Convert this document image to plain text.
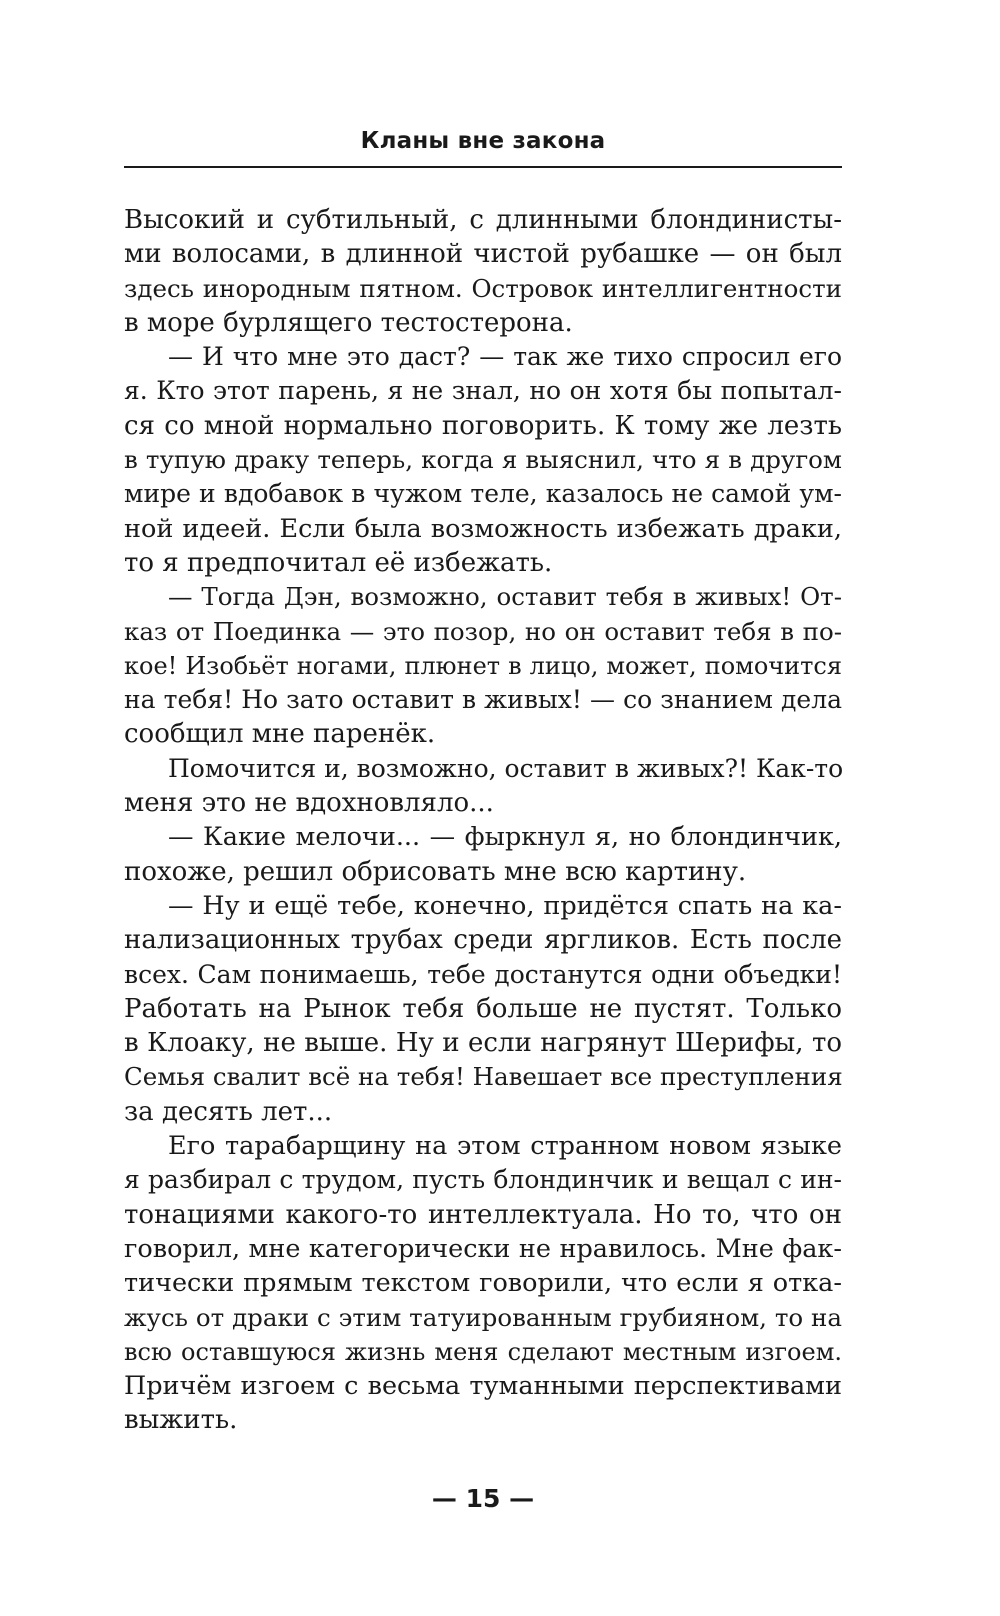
Кланы вне закона
Высокий и субтильный, с длинными блондинисты-
ми волосами, в длинной чистой рубашке — он был
здесь инородным пятном. Островок интеллигентности
в море бурлящего тестостерона.
— И что мне это даст? — так же тихо спросил его
я. Кто этот парень, я не знал, но он хотя бы попытал-
ся со мной нормально поговорить. К тому же лезть
в тупую драку теперь, когда я выяснил, что я в другом
мире и вдобавок в чужом теле, казалось не самой ум-
ной идеей. Если была возможность избежать драки,
то я предпочитал её избежать.
— Тогда Дэн, возможно, оставит тебя в живых! От-
каз от Поединка — это позор, но он оставит тебя в по-
кое! Изобьёт ногами, плюнет в лицо, может, помочится
на тебя! Но зато оставит в живых! — со знанием дела
сообщил мне паренёк.
Помочится и, возможно, оставит в живых?! Как-то
меня это не вдохновляло...
— Какие мелочи... — фыркнул я, но блондинчик,
похоже, решил обрисовать мне всю картину.
— Ну и ещё тебе, конечно, придётся спать на ка-
нализационных трубах среди яргликов. Есть после
всех. Сам понимаешь, тебе достанутся одни объедки!
Работать на Рынок тебя больше не пустят. Только
в Клоаку, не выше. Ну и если нагрянут Шерифы, то
Семья свалит всё на тебя! Навешает все преступления
за десять лет...
Его тарабарщину на этом странном новом языке
я разбирал с трудом, пусть блондинчик и вещал с ин-
тонациями какого-то интеллектуала. Но то, что он
говорил, мне категорически не нравилось. Мне фак-
тически прямым текстом говорили, что если я отка-
жусь от драки с этим татуированным грубияном, то на
всю оставшуюся жизнь меня сделают местным изгоем.
Причём изгоем с весьма туманными перспективами
выжить.
— 15 —
